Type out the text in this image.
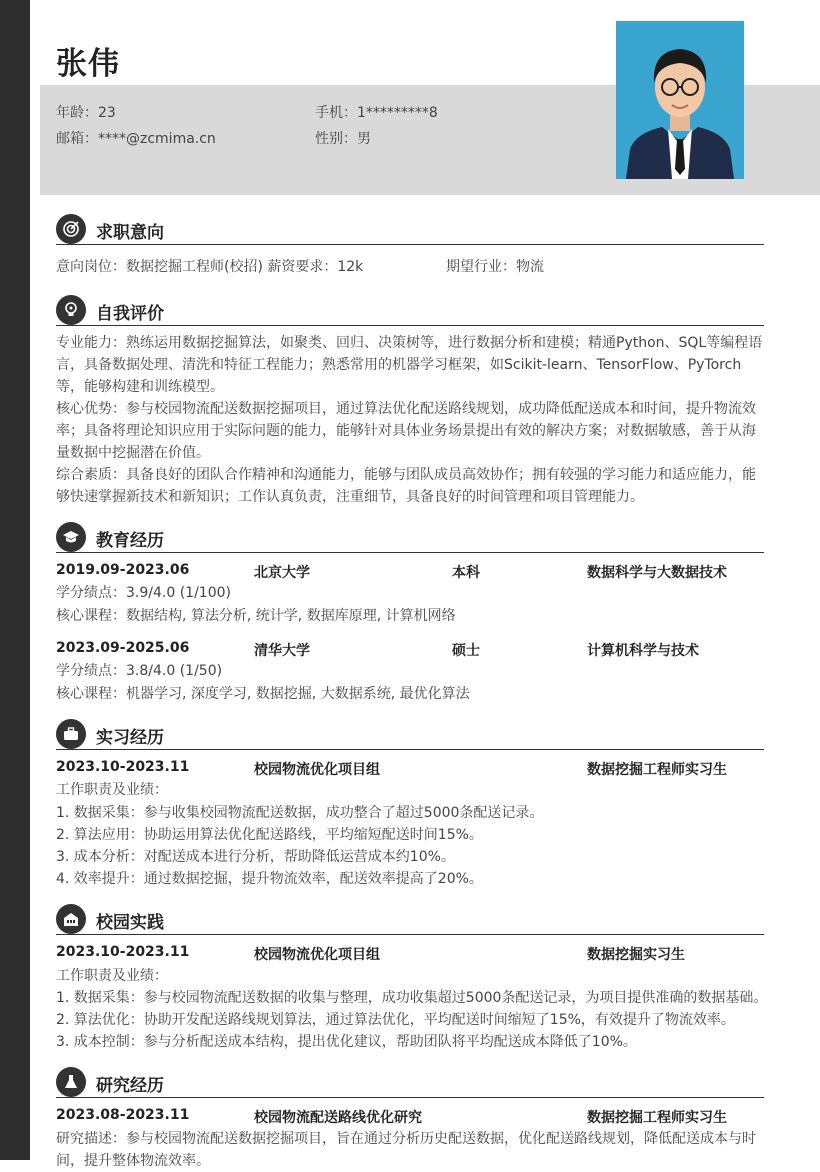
张伟
年龄：23	手机：1*********8
邮箱：****@zcmima.cn	性别：男
求职意向
意向岗位：数据挖掘工程师(校招) 薪资要求：12k	期望行业：物流
自我评价
专业能力：熟练运用数据挖掘算法，如聚类、回归、决策树等，进行数据分析和建模；精通Python、SQL等编程语言，具备数据处理、清洗和特征工程能力；熟悉常用的机器学习框架，如Scikit-learn、TensorFlow、PyTorch等，能够构建和训练模型。
核心优势：参与校园物流配送数据挖掘项目，通过算法优化配送路线规划，成功降低配送成本和时间，提升物流效率；具备将理论知识应用于实际问题的能力，能够针对具体业务场景提出有效的解决方案；对数据敏感，善于从海量数据中挖掘潜在价值。
综合素质：具备良好的团队合作精神和沟通能力，能够与团队成员高效协作；拥有较强的学习能力和适应能力，能够快速掌握新技术和新知识；工作认真负责，注重细节，具备良好的时间管理和项目管理能力。
教育经历
2019.09-2023.06	北京大学	本科	数据科学与大数据技术
学分绩点：3.9/4.0 (1/100)
核心课程：数据结构, 算法分析, 统计学, 数据库原理, 计算机网络
2023.09-2025.06	清华大学	硕士	计算机科学与技术
学分绩点：3.8/4.0 (1/50)
核心课程：机器学习, 深度学习, 数据挖掘, 大数据系统, 最优化算法
实习经历
2023.10-2023.11	校园物流优化项目组	数据挖掘工程师实习生
工作职责及业绩：
1. 数据采集：参与收集校园物流配送数据，成功整合了超过5000条配送记录。
2. 算法应用：协助运用算法优化配送路线，平均缩短配送时间15%。
3. 成本分析：对配送成本进行分析，帮助降低运营成本约10%。
4. 效率提升：通过数据挖掘，提升物流效率，配送效率提高了20%。
校园实践
2023.10-2023.11	校园物流优化项目组	数据挖掘实习生
工作职责及业绩：
1. 数据采集：参与校园物流配送数据的收集与整理，成功收集超过5000条配送记录，为项目提供准确的数据基础。
2. 算法优化：协助开发配送路线规划算法，通过算法优化，平均配送时间缩短了15%，有效提升了物流效率。
3. 成本控制：参与分析配送成本结构，提出优化建议，帮助团队将平均配送成本降低了10%。
研究经历
2023.08-2023.11	校园物流配送路线优化研究	数据挖掘工程师实习生
研究描述：参与校园物流配送数据挖掘项目，旨在通过分析历史配送数据，优化配送路线规划，降低配送成本与时间，提升整体物流效率。
